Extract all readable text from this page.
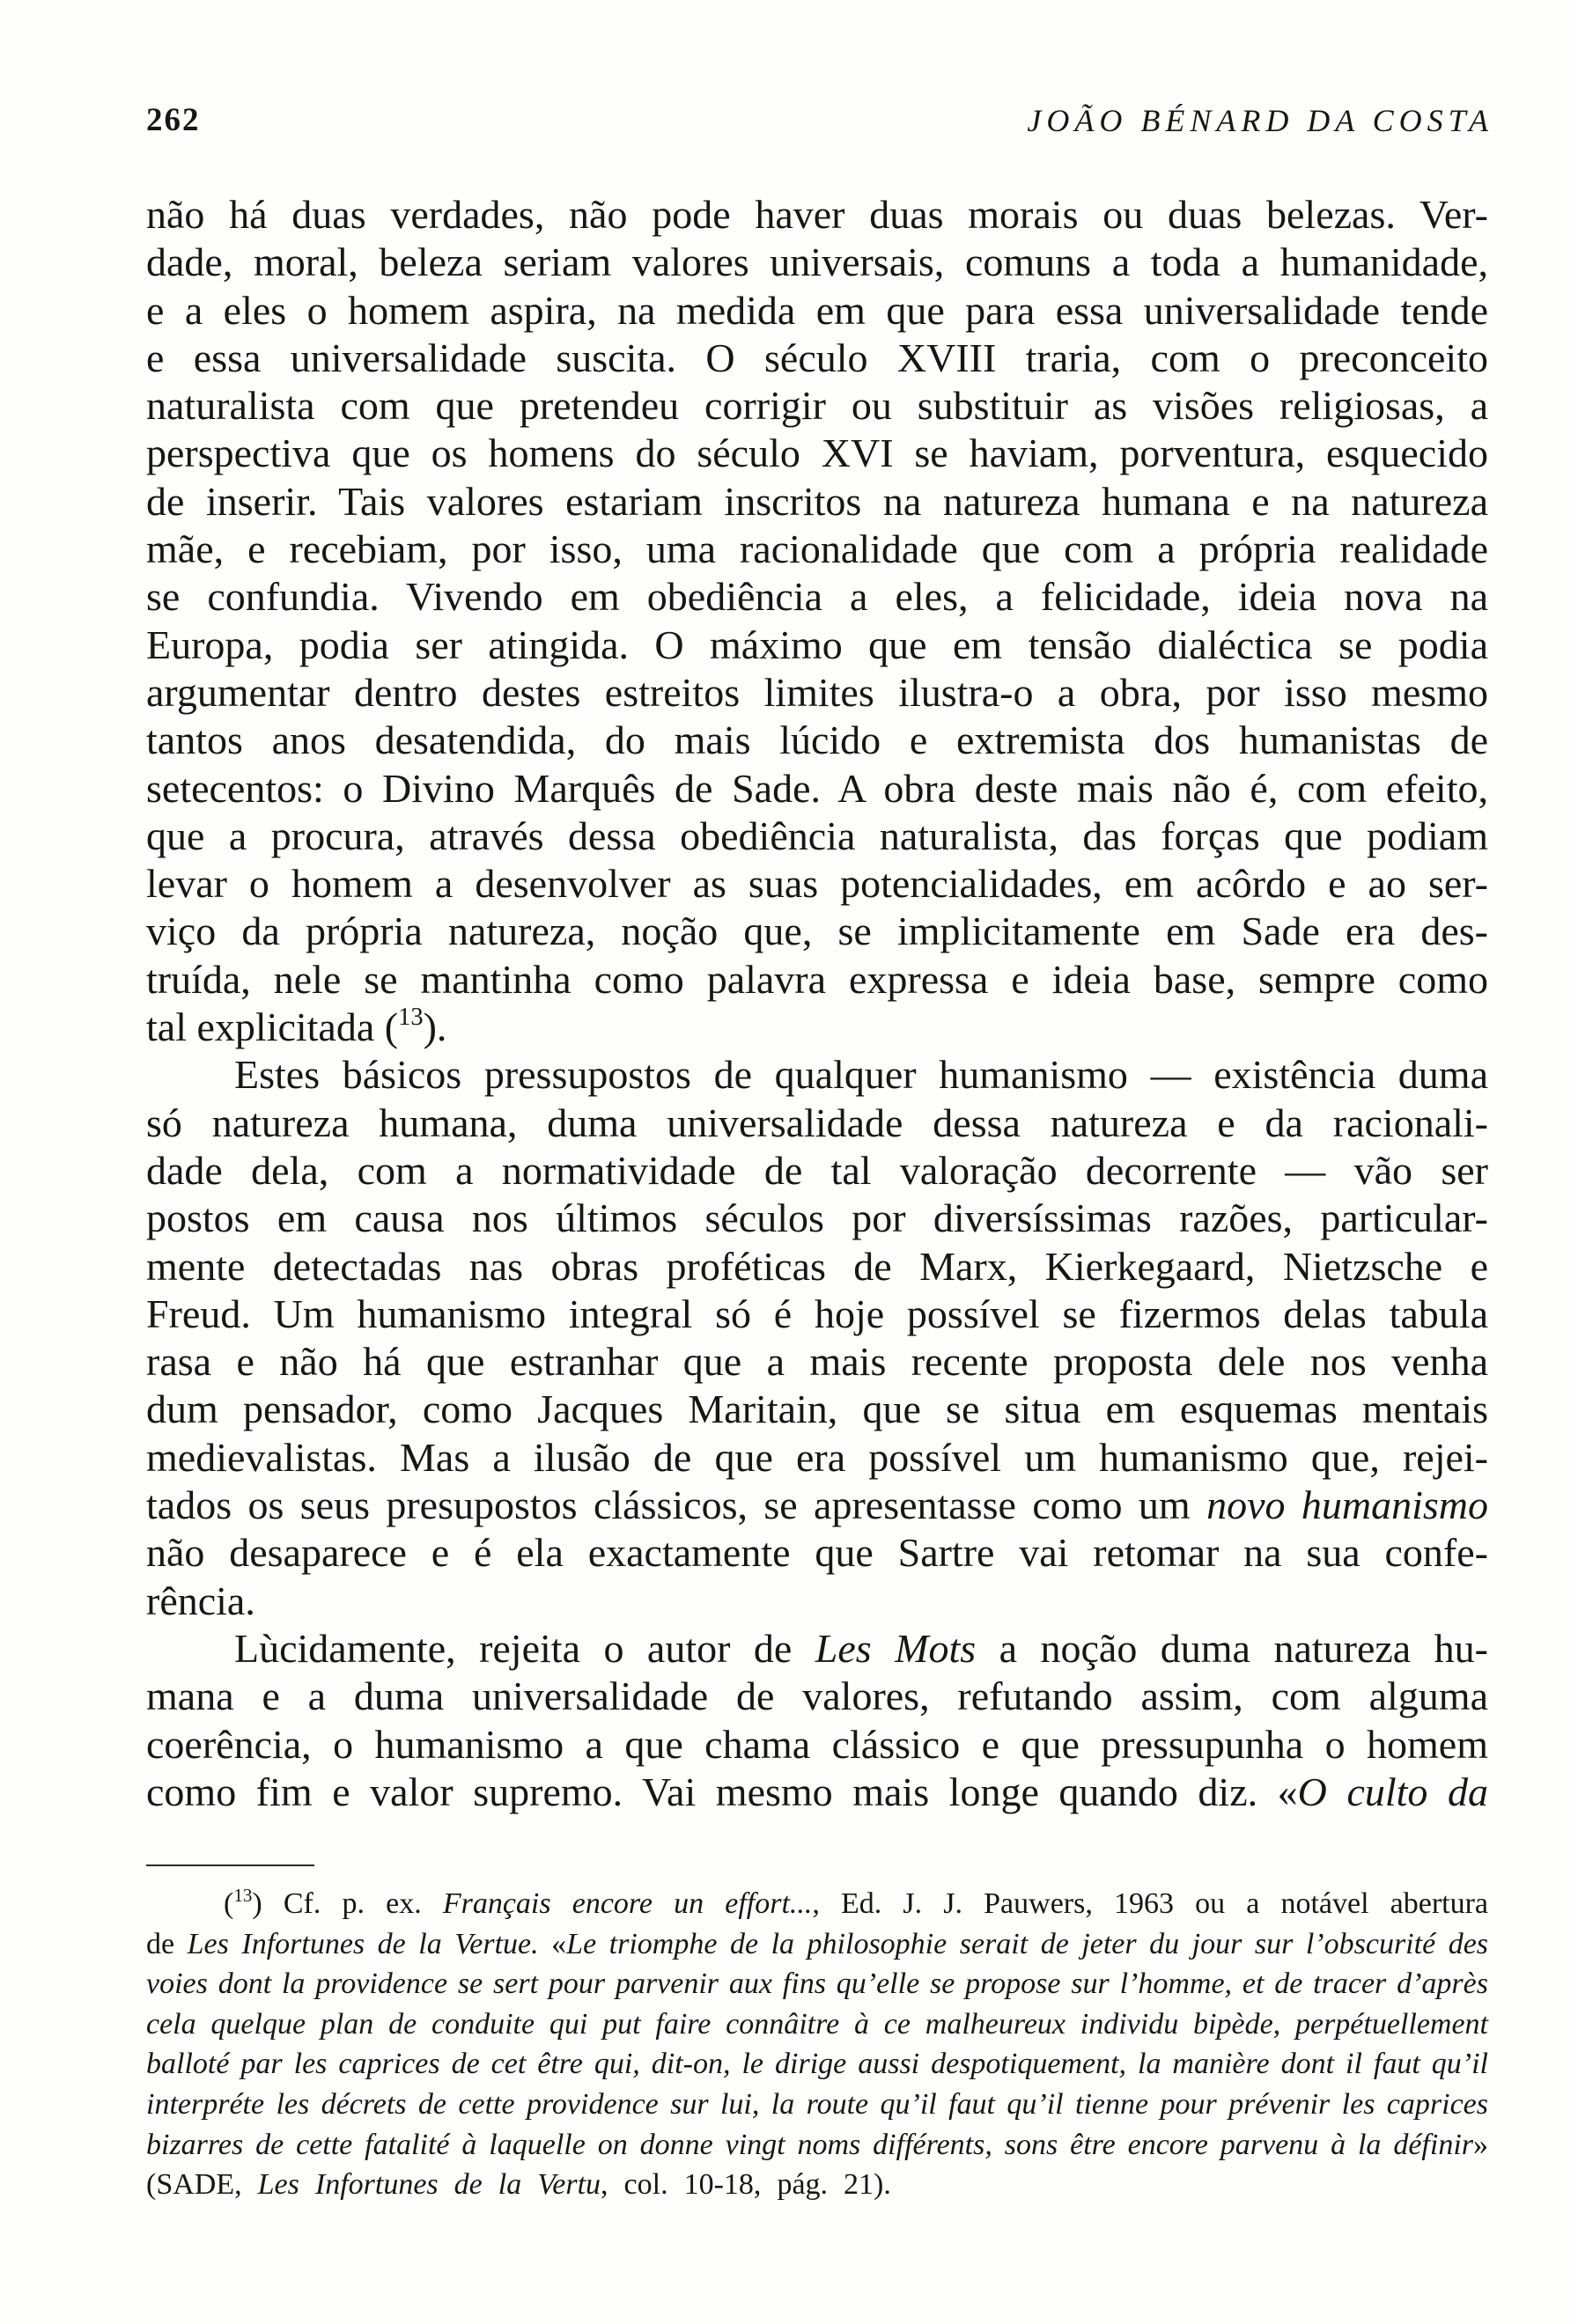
262	JOÃO BÉNARD DA COSTA
não há duas verdades, não pode haver duas morais ou duas belezas. Ver-
dade, moral, beleza seriam valores universais, comuns a toda a humanidade,
e a eles o homem aspira, na medida em que para essa universalidade tende
e essa universalidade suscita. O século XVIII traria, com o preconceito
naturalista com que pretendeu corrigir ou substituir as visões religiosas, a
perspectiva que os homens do século XVI se haviam, porventura, esquecido
de inserir. Tais valores estariam inscritos na natureza humana e na natureza
mãe, e recebiam, por isso, uma racionalidade que com a própria realidade
se confundia. Vivendo em obediência a eles, a felicidade, ideia nova na
Europa, podia ser atingida. O máximo que em tensão dialéctica se podia
argumentar dentro destes estreitos limites ilustra-o a obra, por isso mesmo
tantos anos desatendida, do mais lúcido e extremista dos humanistas de
setecentos: o Divino Marquês de Sade. A obra deste mais não é, com efeito,
que a procura, através dessa obediência naturalista, das forças que podiam
levar o homem a desenvolver as suas potencialidades, em acôrdo e ao ser-
viço da própria natureza, noção que, se implicitamente em Sade era des-
truída, nele se mantinha como palavra expressa e ideia base, sempre como
tal explicitada ($^{13}$).
Estes básicos pressupostos de qualquer humanismo — existência duma
só natureza humana, duma universalidade dessa natureza e da racionali-
dade dela, com a normatividade de tal valoração decorrente — vão ser
postos em causa nos últimos séculos por diversíssimas razões, particular-
mente detectadas nas obras proféticas de Marx, Kierkegaard, Nietzsche e
Freud. Um humanismo integral só é hoje possível se fizermos delas tabula
rasa e não há que estranhar que a mais recente proposta dele nos venha
dum pensador, como Jacques Maritain, que se situa em esquemas mentais
medievalistas. Mas a ilusão de que era possível um humanismo que, rejei-
tados os seus presupostos clássicos, se apresentasse como um novo humanismo
não desaparece e é ela exactamente que Sartre vai retomar na sua confe-
rência.
Lùcidamente, rejeita o autor de Les Mots a noção duma natureza hu-
mana e a duma universalidade de valores, refutando assim, com alguma
coerência, o humanismo a que chama clássico e que pressupunha o homem
como fim e valor supremo. Vai mesmo mais longe quando diz. «O culto da
($^{13}$) Cf. p. ex. Français encore un effort..., Ed. J. J. Pauwers, 1963 ou a notável abertura
de Les Infortunes de la Vertue. «Le triomphe de la philosophie serait de jeter du jour sur l’obscurité des
voies dont la providence se sert pour parvenir aux fins qu’elle se propose sur l’homme, et de tracer d’après
cela quelque plan de conduite qui put faire connâitre à ce malheureux individu bipède, perpétuellement
balloté par les caprices de cet être qui, dit-on, le dirige aussi despotiquement, la manière dont il faut qu’il
interpréte les décrets de cette providence sur lui, la route qu’il faut qu’il tienne pour prévenir les caprices
bizarres de cette fatalité à laquelle on donne vingt noms différents, sons être encore parvenu à la définir»
(SADE, Les Infortunes de la Vertu, col. 10-18, pág. 21).
